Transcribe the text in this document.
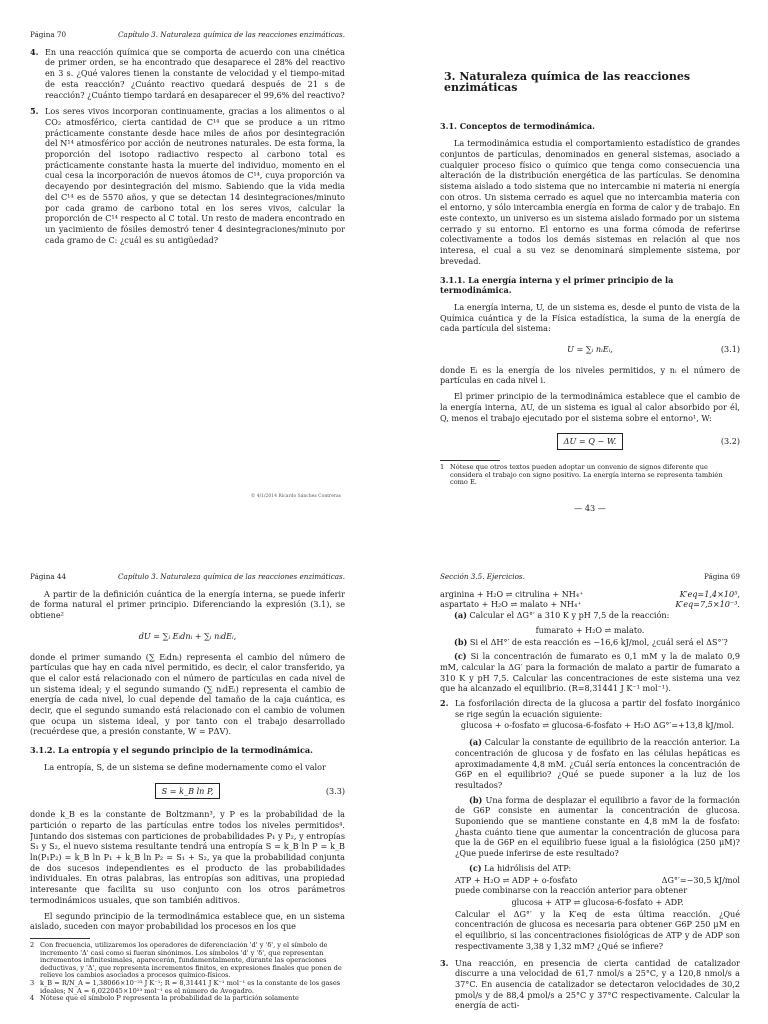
Página 70	Capítulo 3. Naturaleza química de las reacciones enzimáticas.
4. En una reacción química que se comporta de acuerdo con una cinética de primer orden, se ha encontrado que desaparece el 28% del reactivo en 3 s. ¿Qué valores tienen la constante de velocidad y el tiempo-mitad de esta reacción? ¿Cuánto reactivo quedará después de 21 s de reacción? ¿Cuánto tiempo tardará en desaparecer el 99,6% del reactivo?
5. Los seres vivos incorporan continuamente, gracias a los alimentos o al CO₂ atmosférico, cierta cantidad de C¹⁴ que se produce a un ritmo prácticamente constante desde hace miles de años por desintegración del N¹⁴ atmosférico por acción de neutrones naturales. De esta forma, la proporción del isotopo radiactivo respecto al carbono total es prácticamente constante hasta la muerte del individuo, momento en el cual cesa la incorporación de nuevos átomos de C¹⁴, cuya proporción va decayendo por desintegración del mismo. Sabiendo que la vida media del C¹⁴ es de 5570 años, y que se detectan 14 desintegraciones/minuto por cada gramo de carbono total en los seres vivos, calcular la proporción de C¹⁴ respecto al C total. Un resto de madera encontrado en un yacimiento de fósiles demostró tener 4 desintegraciones/minuto por cada gramo de C: ¿cuál es su antigüedad?
© 4/1/2014 Ricardo Sánchez Contreras
3. Naturaleza química de las reacciones enzimáticas
3.1. Conceptos de termodinámica.

La termodinámica estudia el comportamiento estadístico de grandes conjuntos de partículas, denominados en general sistemas, asociado a cualquier proceso físico o químico que tenga como consecuencia una alteración de la distribución energética de las partículas. Se denomina sistema aislado a todo sistema que no intercambie ni materia ni energía con otros. Un sistema cerrado es aquel que no intercambia materia con el entorno, y sólo intercambia energía en forma de calor y de trabajo. En este contexto, un universo es un sistema aislado formado por un sistema cerrado y su entorno. El entorno es una forma cómoda de referirse colectivamente a todos los demás sistemas en relación al que nos interesa, el cual a su vez se denominará simplemente sistema, por brevedad.

3.1.1. La energía interna y el primer principio de la termodinámica.

La energía interna, U, de un sistema es, desde el punto de vista de la Química cuántica y de la Física estadística, la suma de la energía de cada partícula del sistema:

U = ∑ᵢ nᵢEᵢ,	(3.1)

donde Eᵢ es la energía de los niveles permitidos, y nᵢ el número de partículas en cada nivel i.

El primer principio de la termodinámica establece que el cambio de la energía interna, ΔU, de un sistema es igual al calor absorbido por él, Q, menos el trabajo ejecutado por el sistema sobre el entorno¹, W:

ΔU = Q − W.	(3.2)
1 Nótese que otros textos pueden adoptar un convenio de signos diferente que considera el trabajo con signo positivo. La energía interna se representa también como E.
— 43 —
Página 44	Capítulo 3. Naturaleza química de las reacciones enzimáticas.

A partir de la definición cuántica de la energía interna, se puede inferir de forma natural el primer principio. Diferenciando la expresión (3.1), se obtiene²

dU = ∑ᵢ Eᵢdnᵢ + ∑ᵢ nᵢdEᵢ,

donde el primer sumando (∑ Eᵢdnᵢ) representa el cambio del número de partículas que hay en cada nivel permitido, es decir, el calor transferido, ya que el calor está relacionado con el número de partículas en cada nivel de un sistema ideal; y el segundo sumando (∑ nᵢdEᵢ) representa el cambio de energía de cada nivel, lo cual depende del tamaño de la caja cuántica, es decir, que el segundo sumando está relacionado con el cambio de volumen que ocupa un sistema ideal, y por tanto con el trabajo desarrollado (recuérdese que, a presión constante, W = PΔV).

3.1.2. La entropía y el segundo principio de la termodinámica.

La entropía, S, de un sistema se define modernamente como el valor

S = k_B ln P,	(3.3)

donde k_B es la constante de Boltzmann³, y P es la probabilidad de la partición o reparto de las partículas entre todos los niveles permitidos⁴. Juntando dos sistemas con particiones de probabilidades P₁ y P₂, y entropías S₁ y S₂, el nuevo sistema resultante tendrá una entropía S = k_B ln P = k_B ln(P₁P₂) = k_B ln P₁ + k_B ln P₂ = S₁ + S₂, ya que la probabilidad conjunta de dos sucesos independientes es el producto de las probabilidades individuales. En otras palabras, las entropías son aditivas, una propiedad interesante que facilita su uso conjunto con los otros parámetros termodinámicos usuales, que son también aditivos.

El segundo principio de la termodinámica establece que, en un sistema aislado, suceden con mayor probabilidad los procesos en los que

2 Con frecuencia, utilizaremos los operadores de diferenciación 'd' y 'δ', y el símbolo de incremento 'Δ' casi como si fueran sinónimos. Los símbolos 'd' y 'δ', que representan incrementos infinitesimales, aparecerán, fundamentalmente, durante las operaciones deductivas, y 'Δ', que representa incrementos finitos, en expresiones finales que ponen de relieve los cambios asociados a procesos químico-físicos.
3 k_B = R/N_A = 1,38066×10⁻²³ J K⁻¹; R = 8,31441 J K⁻¹ mol⁻¹ es la constante de los gases ideales; N_A = 6,022045×10²³ mol⁻¹ es el número de Avogadro.
4 Nótese que el símbolo P representa la probabilidad de la partición solamente
Sección 3.5. Ejercicios.	Página 69
arginina + H₂O ⇌ citrulina + NH₄⁺	K′eq=1,4×10⁵,
aspartato + H₂O ⇌ malato + NH₄⁺	K′eq=7,5×10⁻³.

(a) Calcular el ΔG°′ a 310 K y pH 7,5 de la reacción:

fumarato + H₂O ⇌ malato.

(b) Si el ΔH°′ de esta reacción es −16,6 kJ/mol, ¿cuál será el ΔS°′?

(c) Si la concentración de fumarato es 0,1 mM y la de malato 0,9 mM, calcular la ΔG′ para la formación de malato a partir de fumarato a 310 K y pH 7,5. Calcular las concentraciones de este sistema una vez que ha alcanzado el equilibrio. (R=8,31441 J K⁻¹ mol⁻¹).

2. La fosforilación directa de la glucosa a partir del fosfato inorgánico se rige según la ecuación siguiente:
glucosa + o-fosfato ⇌ glucosa-6-fosfato + H₂O ΔG°′=+13,8 kJ/mol.

(a) Calcular la constante de equilibrio de la reacción anterior. La concentración de glucosa y de fosfato en las células hepáticas es aproximadamente 4,8 mM. ¿Cuál sería entonces la concentración de G6P en el equilibrio? ¿Qué se puede suponer a la luz de los resultados?

(b) Una forma de desplazar el equilibrio a favor de la formación de G6P consiste en aumentar la concentración de glucosa. Suponiendo que se mantiene constante en 4,8 mM la de fosfato: ¿hasta cuánto tiene que aumentar la concentración de glucosa para que la de G6P en el equilibrio fuese igual a la fisiológica (250 μM)? ¿Que puede inferirse de este resultado?

(c) La hidrólisis del ATP:

ATP + H₂O ⇌ ADP + o-fosfato	ΔG°′=−30,5 kJ/mol
puede combinarse con la reacción anterior para obtener
glucosa + ATP ⇌ glucosa-6-fosfato + ADP.
Calcular el ΔG°′ y la K′eq de esta última reacción. ¿Qué concentración de glucosa es necesaria para obtener G6P 250 μM en el equilibrio, si las concentraciones fisiológicas de ATP y de ADP son respectivamente 3,38 y 1,32 mM? ¿Qué se infiere?
3. Una reacción, en presencia de cierta cantidad de catalizador discurre a una velocidad de 61,7 nmol/s a 25°C, y a 120,8 nmol/s a 37°C. En ausencia de catalizador se detectaron velocidades de 30,2 pmol/s y de 88,4 pmol/s a 25°C y 37°C respectivamente. Calcular la energía de acti-
